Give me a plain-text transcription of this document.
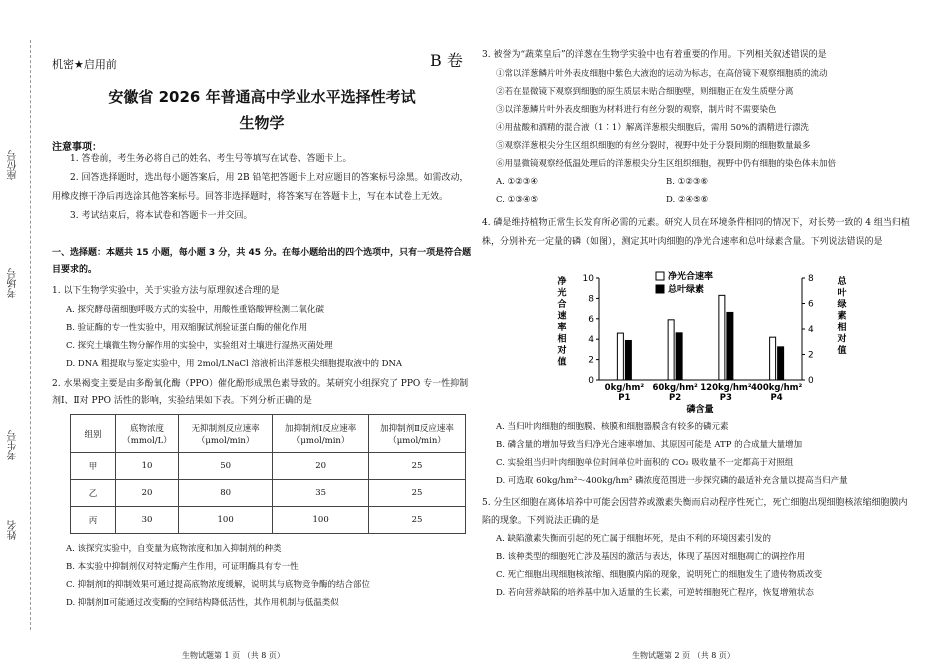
座位号
考场号
考生号
姓名
机密★启用前	B 卷
安徽省 2026 年普通高中学业水平选择性考试
生物学
注意事项：

1. 答卷前，考生务必将自己的姓名、考生号等填写在试卷、答题卡上。

2. 回答选择题时，选出每小题答案后，用 2B 铅笔把答题卡上对应题目的答案标号涂黑。如需改动，用橡皮擦干净后再选涂其他答案标号。回答非选择题时，将答案写在答题卡上，写在本试卷上无效。

3. 考试结束后，将本试卷和答题卡一并交回。

一、选择题：本题共 15 小题，每小题 3 分，共 45 分。在每小题给出的四个选项中，只有一项是符合题目要求的。

1. 以下生物学实验中，关于实验方法与原理叙述合理的是

A. 探究酵母菌细胞呼吸方式的实验中，用酸性重铬酸钾检测二氧化碳

B. 验证酶的专一性实验中，用双缩脲试剂验证蛋白酶的催化作用

C. 探究土壤微生物分解作用的实验中，实验组对土壤进行湿热灭菌处理

D. DNA 粗提取与鉴定实验中，用 2mol/LNaCl 溶液析出洋葱根尖细胞提取液中的 DNA

2. 水果褐变主要是由多酚氧化酶（PPO）催化酚形成黑色素导致的。某研究小组探究了 PPO 专一性抑制剂Ⅰ、Ⅱ对 PPO 活性的影响，实验结果如下表。下列分析正确的是

组别	底物浓度（mmol/L）	无抑制剂反应速率（μmol/min）	加抑制剂Ⅰ反应速率（μmol/min）	加抑制剂Ⅱ反应速率（μmol/min）
甲	10	50	20	25
乙	20	80	35	25
丙	30	100	100	25

A. 该探究实验中，自变量为底物浓度和加入抑制剂的种类

B. 本实验中抑制剂仅对特定酶产生作用，可证明酶具有专一性

C. 抑制剂Ⅰ的抑制效果可通过提高底物浓度缓解，说明其与底物竞争酶的结合部位

D. 抑制剂Ⅱ可能通过改变酶的空间结构降低活性，其作用机制与低温类似

生物试题第 1 页 （共 8 页）

3. 被誉为“蔬菜皇后”的洋葱在生物学实验中也有着重要的作用。下列相关叙述错误的是

①常以洋葱鳞片叶外表皮细胞中紫色大液泡的运动为标志，在高倍镜下观察细胞质的流动

②若在显微镜下观察到细胞的原生质层未贴合细胞壁，则细胞正在发生质壁分离

③以洋葱鳞片叶外表皮细胞为材料进行有丝分裂的观察，制片时不需要染色

④用盐酸和酒精的混合液（1∶1）解离洋葱根尖细胞后，需用 50%的酒精进行漂洗

⑤观察洋葱根尖分生区组织细胞的有丝分裂时，视野中处于分裂间期的细胞数量最多

⑥用显微镜观察经低温处理后的洋葱根尖分生区组织细胞，视野中仍有细胞的染色体未加倍

A. ①②③④	B. ①②③⑥
C. ①③④⑤	D. ②④⑤⑥

4. 磷是维持植物正常生长发育所必需的元素。研究人员在环境条件相同的情况下，对长势一致的 4 组当归植株，分别补充一定量的磷（如图），测定其叶肉细胞的净光合速率和总叶绿素含量。下列说法错误的是

净
光
合
速
率
相
对
值
总
叶
绿
素
相
对
值
0
2
4
6
8
10
0
2
4
6
8
0kg/hm²
P1
60kg/hm²
P2
120kg/hm²
P3
400kg/hm²
P4
磷含量
净光合速率
总叶绿素

A. 当归叶肉细胞的细胞膜、核膜和细胞器膜含有较多的磷元素

B. 磷含量的增加导致当归净光合速率增加、其原因可能是 ATP 的合成量大量增加

C. 实验组当归叶肉细胞单位时间单位叶面积的 CO₂ 吸收量不一定都高于对照组

D. 可选取 60kg/hm²～400kg/hm² 磷浓度范围进一步探究磷的最适补充含量以提高当归产量

5. 分生区细胞在离体培养中可能会因营养或激素失衡而启动程序性死亡，死亡细胞出现细胞核浓缩细胞膜内陷的现象。下列说法正确的是

A. 缺陷激素失衡而引起的死亡属于细胞坏死，是由不利的环境因素引发的

B. 该种类型的细胞死亡涉及基因的激活与表达，体现了基因对细胞凋亡的调控作用

C. 死亡细胞出现细胞核浓缩、细胞膜内陷的现象，说明死亡的细胞发生了遗传物质改变

D. 若向营养缺陷的培养基中加入适量的生长素，可逆转细胞死亡程序，恢复增殖状态

生物试题第 2 页 （共 8 页）
